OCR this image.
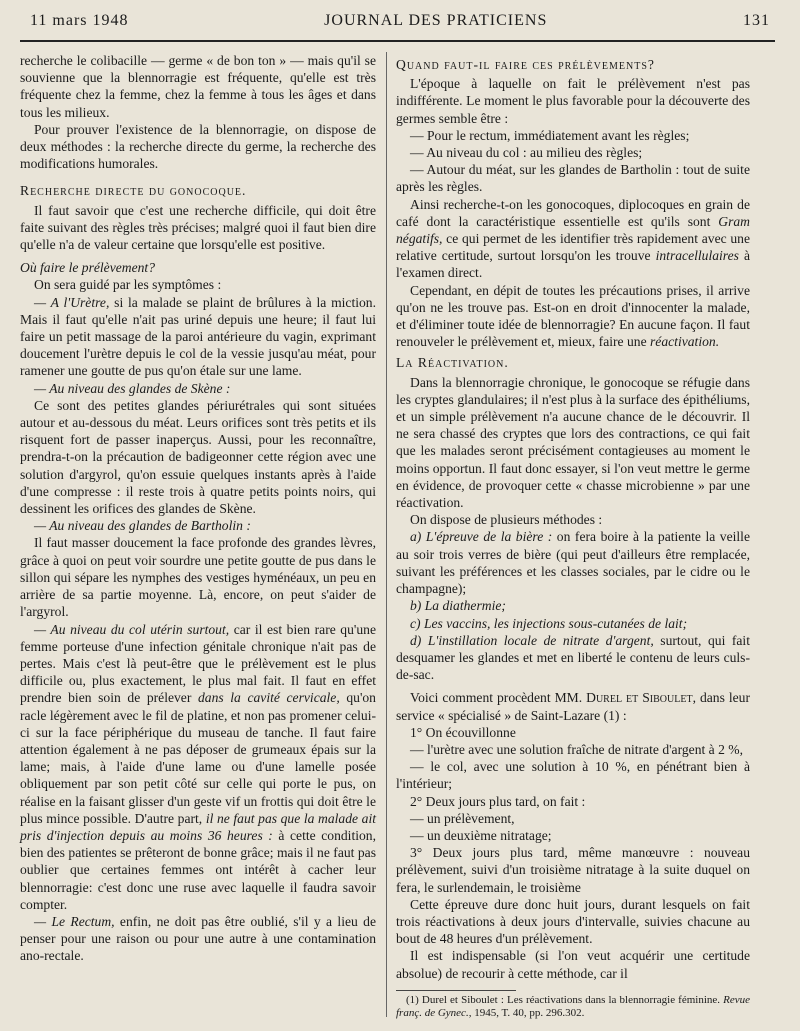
11 mars 1948	JOURNAL DES PRATICIENS	131

recherche le colibacille — germe « de bon ton » — mais qu'il se souvienne que la blennorragie est fréquente, qu'elle est très fréquente chez la femme, chez la femme à tous les âges et dans tous les milieux.

Pour prouver l'existence de la blennorragie, on dispose de deux méthodes : la recherche directe du germe, la recherche des modifications humorales.

Recherche directe du gonocoque.

Il faut savoir que c'est une recherche difficile, qui doit être faite suivant des règles très précises; malgré quoi il faut bien dire qu'elle n'a de valeur certaine que lorsqu'elle est positive.

Où faire le prélèvement?

On sera guidé par les symptômes :

— A l'Urètre, si la malade se plaint de brûlures à la miction. Mais il faut qu'elle n'ait pas uriné depuis une heure; il faut lui faire un petit massage de la paroi antérieure du vagin, exprimant doucement l'urètre depuis le col de la vessie jusqu'au méat, pour ramener une goutte de pus qu'on étale sur une lame.

— Au niveau des glandes de Skène :

Ce sont des petites glandes périurétrales qui sont situées autour et au-dessous du méat. Leurs orifices sont très petits et ils risquent fort de passer inaperçus. Aussi, pour les reconnaître, prendra-t-on la précaution de badigeonner cette région avec une solution d'argyrol, qu'on essuie quelques instants après à l'aide d'une compresse : il reste trois à quatre petits points noirs, qui dessinent les orifices des glandes de Skène.

— Au niveau des glandes de Bartholin :

Il faut masser doucement la face profonde des grandes lèvres, grâce à quoi on peut voir sourdre une petite goutte de pus dans le sillon qui sépare les nymphes des vestiges hyménéaux, un peu en arrière de sa partie moyenne. Là, encore, on peut s'aider de l'argyrol.

— Au niveau du col utérin surtout, car il est bien rare qu'une femme porteuse d'une infection génitale chronique n'ait pas de pertes. Mais c'est là peut-être que le prélèvement est le plus difficile ou, plus exactement, le plus mal fait. Il faut en effet prendre bien soin de prélever dans la cavité cervicale, qu'on racle légèrement avec le fil de platine, et non pas promener celui-ci sur la face périphérique du museau de tanche. Il faut faire attention également à ne pas déposer de grumeaux épais sur la lame; mais, à l'aide d'une lame ou d'une lamelle posée obliquement par son petit côté sur celle qui porte le pus, on réalise en la faisant glisser d'un geste vif un frottis qui doit être le plus mince possible. D'autre part, il ne faut pas que la malade ait pris d'injection depuis au moins 36 heures : à cette condition, bien des patientes se prêteront de bonne grâce; mais il ne faut pas oublier que certaines femmes ont intérêt à cacher leur blennorragie: c'est donc une ruse avec laquelle il faudra savoir compter.

— Le Rectum, enfin, ne doit pas être oublié, s'il y a lieu de penser pour une raison ou pour une autre à une contamination ano-rectale.

Quand faut-il faire ces prélèvements?

L'époque à laquelle on fait le prélèvement n'est pas indifférente. Le moment le plus favorable pour la découverte des germes semble être :

— Pour le rectum, immédiatement avant les règles;

— Au niveau du col : au milieu des règles;

— Autour du méat, sur les glandes de Bartholin : tout de suite après les règles.

Ainsi recherche-t-on les gonocoques, diplocoques en grain de café dont la caractéristique essentielle est qu'ils sont Gram négatifs, ce qui permet de les identifier très rapidement avec une relative certitude, surtout lorsqu'on les trouve intracellulaires à l'examen direct.

Cependant, en dépit de toutes les précautions prises, il arrive qu'on ne les trouve pas. Est-on en droit d'innocenter la malade, et d'éliminer toute idée de blennorragie? En aucune façon. Il faut renouveler le prélèvement et, mieux, faire une réactivation.

La Réactivation.

Dans la blennorragie chronique, le gonocoque se réfugie dans les cryptes glandulaires; il n'est plus à la surface des épithéliums, et un simple prélèvement n'a aucune chance de le découvrir. Il ne sera chassé des cryptes que lors des contractions, ce qui fait que les malades seront précisément contagieuses au moment le moins opportun. Il faut donc essayer, si l'on veut mettre le germe en évidence, de provoquer cette « chasse microbienne » par une réactivation.

On dispose de plusieurs méthodes :

a) L'épreuve de la bière : on fera boire à la patiente la veille au soir trois verres de bière (qui peut d'ailleurs être remplacée, suivant les préférences et les classes sociales, par le cidre ou le champagne);

b) La diathermie;

c) Les vaccins, les injections sous-cutanées de lait;

d) L'instillation locale de nitrate d'argent, surtout, qui fait desquamer les glandes et met en liberté le contenu de leurs culs-de-sac.

Voici comment procèdent MM. Durel et Siboulet, dans leur service « spécialisé » de Saint-Lazare (1) :

1° On écouvillonne

— l'urètre avec une solution fraîche de nitrate d'argent à 2 %,

— le col, avec une solution à 10 %, en pénétrant bien à l'intérieur;

2° Deux jours plus tard, on fait :

— un prélèvement,

— un deuxième nitratage;

3° Deux jours plus tard, même manœuvre : nouveau prélèvement, suivi d'un troisième nitratage à la suite duquel on fera, le surlendemain, le troisième

Cette épreuve dure donc huit jours, durant lesquels on fait trois réactivations à deux jours d'intervalle, suivies chacune au bout de 48 heures d'un prélèvement.

Il est indispensable (si l'on veut acquérir une certitude absolue) de recourir à cette méthode, car il

(1) Durel et Siboulet : Les réactivations dans la blennorragie féminine. Revue franç. de Gynec., 1945, T. 40, pp. 296.302.
